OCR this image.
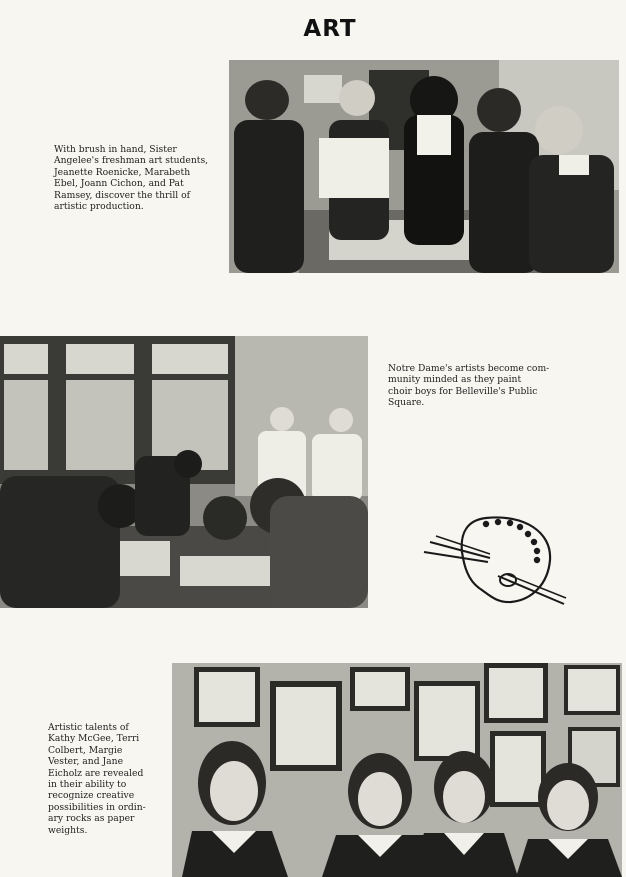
ART
With brush in hand, Sister
Angelee's freshman art students,
Jeanette Roenicke, Marabeth
Ebel, Joann Cichon, and Pat
Ramsey, discover the thrill of
artistic production.
Notre Dame's artists become com-
munity minded as they paint
choir boys for Belleville's Public
Square.
Artistic talents of
Kathy McGee, Terri
Colbert, Margie
Vester, and Jane
Eicholz are revealed
in their ability to
recognize creative
possibilities in ordin-
ary rocks as paper
weights.
